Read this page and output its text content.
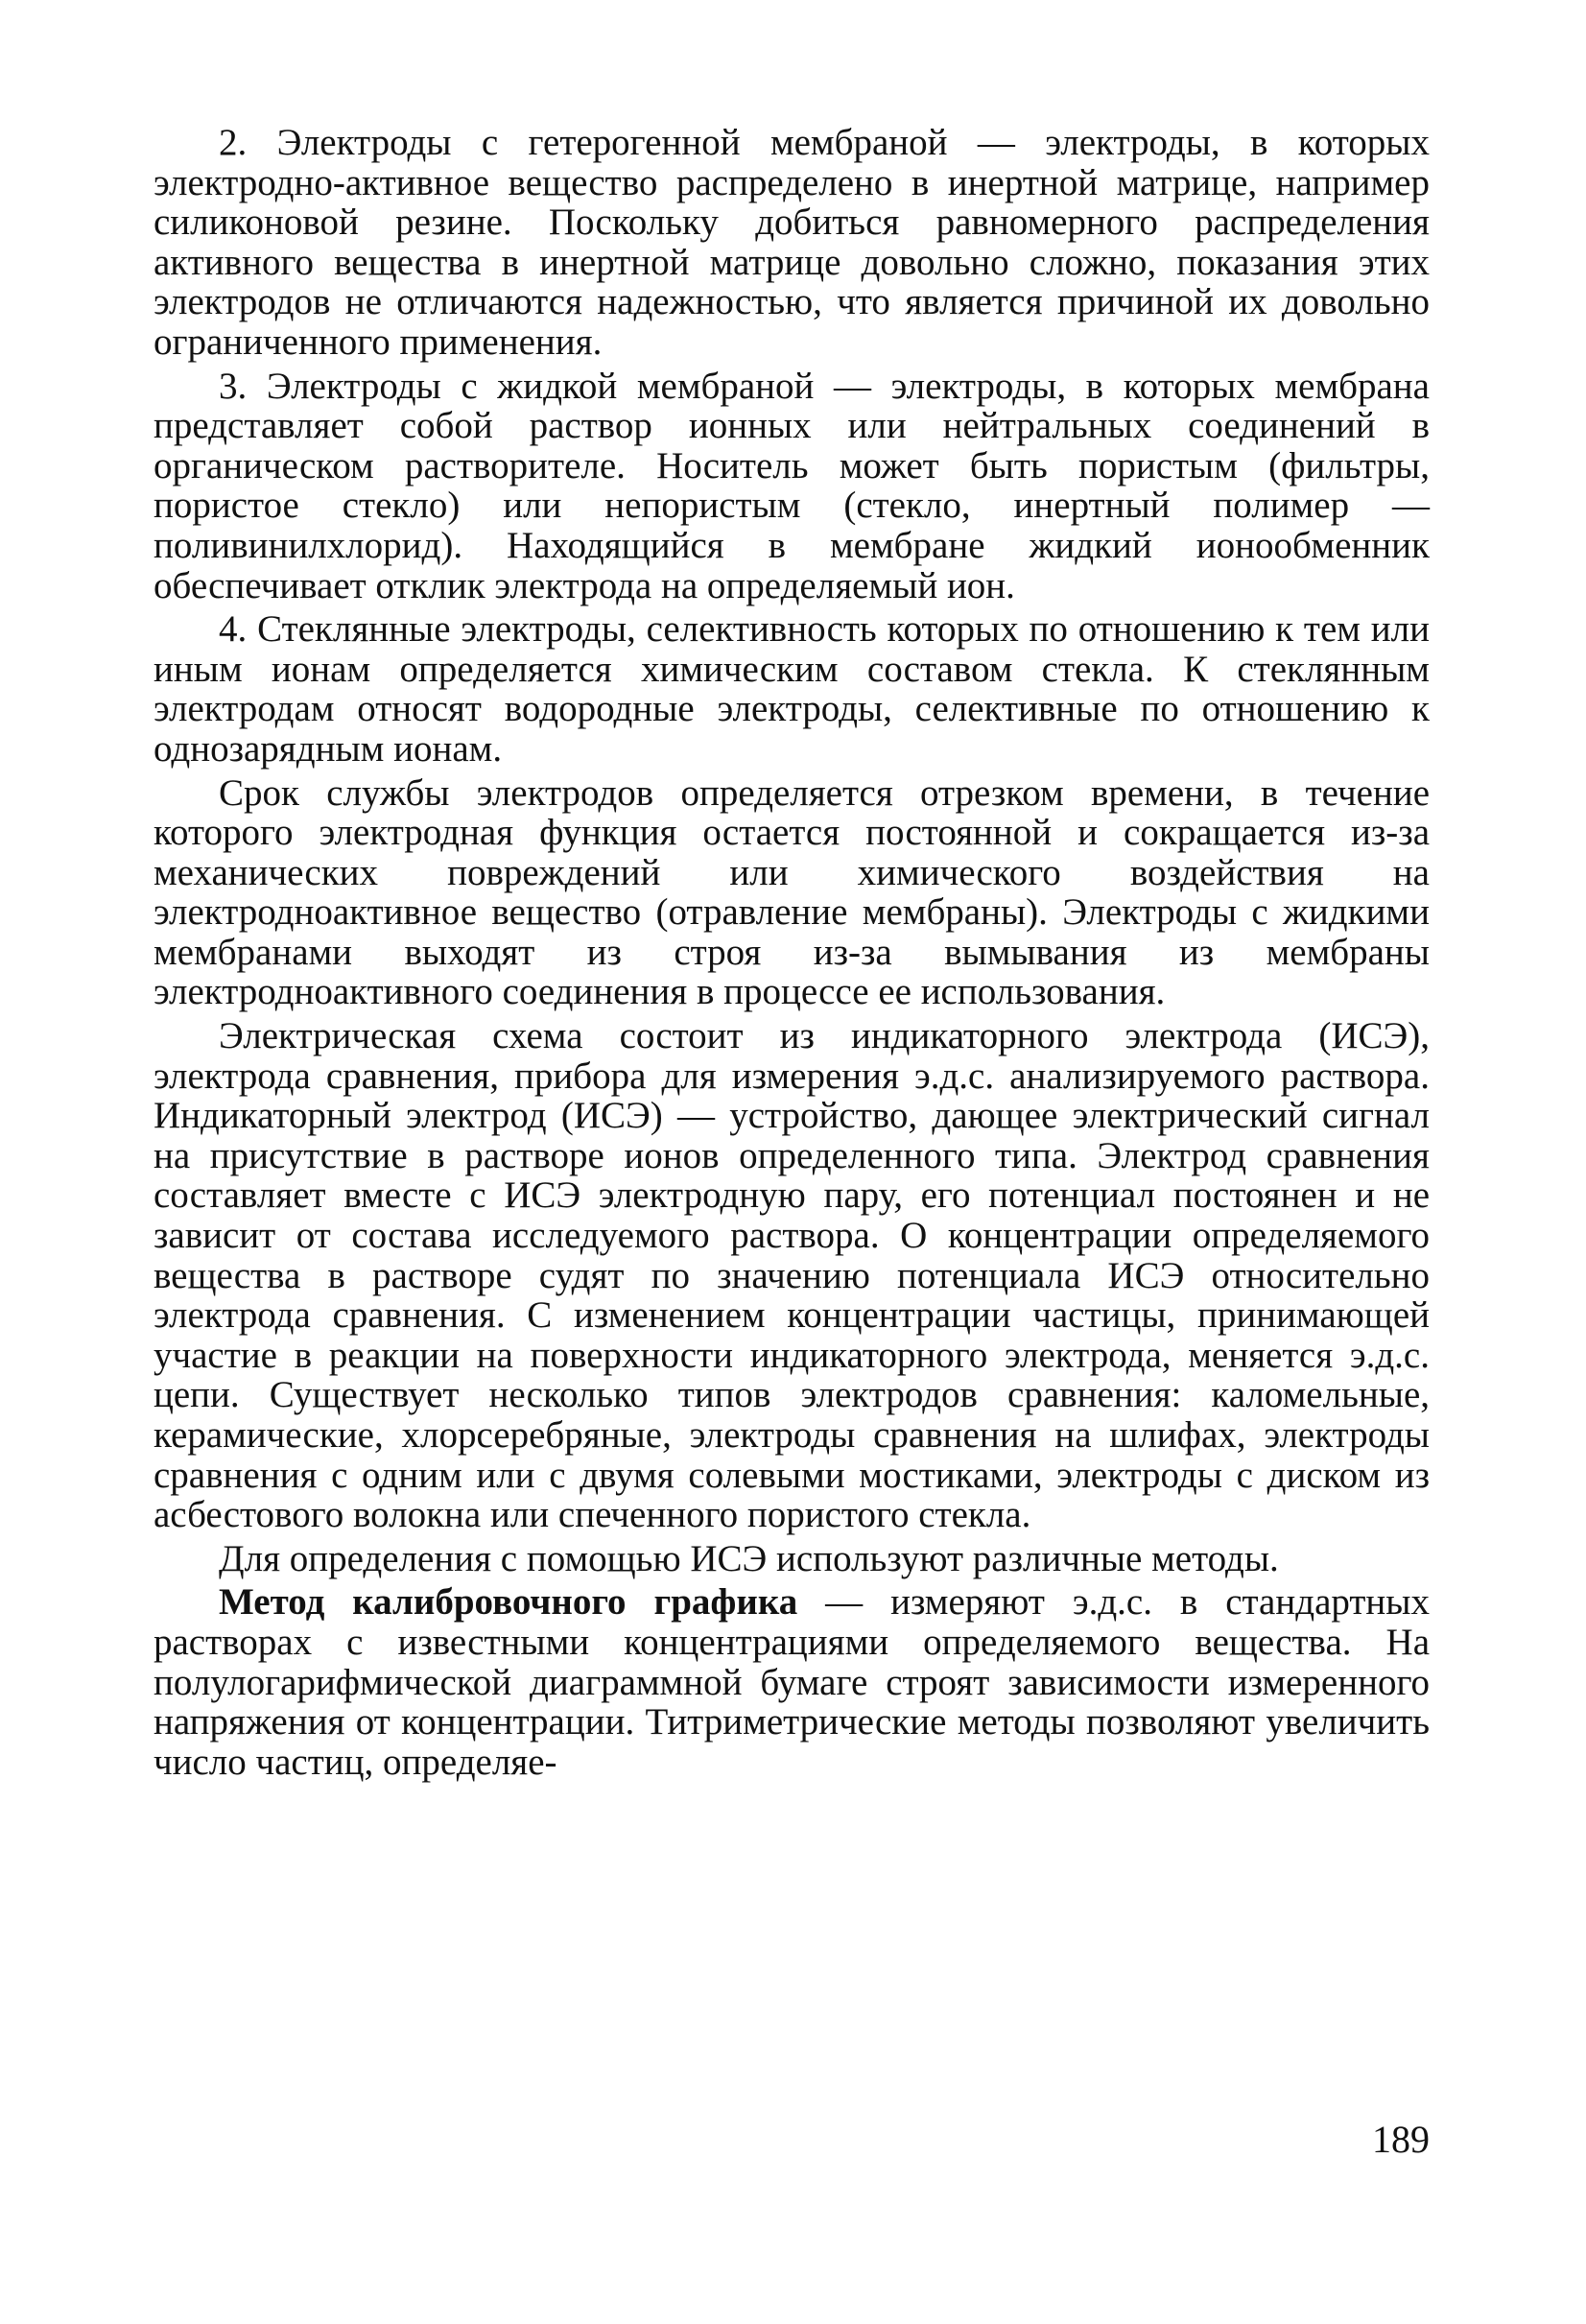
2. Электроды с гетерогенной мембраной — электроды, в которых электродно-активное вещество распределено в инертной матрице, например силиконовой резине. Поскольку добиться равномерного распределения активного вещества в инертной матрице довольно сложно, показания этих электродов не отличаются надежностью, что является причиной их довольно ограниченного применения.

3. Электроды с жидкой мембраной — электроды, в которых мембрана представляет собой раствор ионных или нейтральных соединений в органическом растворителе. Носитель может быть пористым (фильтры, пористое стекло) или непористым (стекло, инертный полимер — поливинилхлорид). Находящийся в мембране жидкий ионообменник обеспечивает отклик электрода на определяемый ион.

4. Стеклянные электроды, селективность которых по отношению к тем или иным ионам определяется химическим составом стекла. К стеклянным электродам относят водородные электроды, селективные по отношению к однозарядным ионам.

Срок службы электродов определяется отрезком времени, в течение которого электродная функция остается постоянной и сокращается из-за механических повреждений или химического воздействия на электродноактивное вещество (отравление мембраны). Электроды с жидкими мембранами выходят из строя из-за вымывания из мембраны электродноактивного соединения в процессе ее использования.

Электрическая схема состоит из индикаторного электрода (ИСЭ), электрода сравнения, прибора для измерения э.д.с. анализируемого раствора. Индикаторный электрод (ИСЭ) — устройство, дающее электрический сигнал на присутствие в растворе ионов определенного типа. Электрод сравнения составляет вместе с ИСЭ электродную пару, его потенциал постоянен и не зависит от состава исследуемого раствора. О концентрации определяемого вещества в растворе судят по значению потенциала ИСЭ относительно электрода сравнения. С изменением концентрации частицы, принимающей участие в реакции на поверхности индикаторного электрода, меняется э.д.с. цепи. Существует несколько типов электродов сравнения: каломельные, керамические, хлорсеребряные, электроды сравнения на шлифах, электроды сравнения с одним или с двумя солевыми мостиками, электроды с диском из асбестового волокна или спеченного пористого стекла.

Для определения с помощью ИСЭ используют различные методы.

Метод калибровочного графика — измеряют э.д.с. в стандартных растворах с известными концентрациями определяемого вещества. На полулогарифмической диаграммной бумаге строят зависимости измеренного напряжения от концентрации. Титриметрические методы позволяют увеличить число частиц, определяе-

189
